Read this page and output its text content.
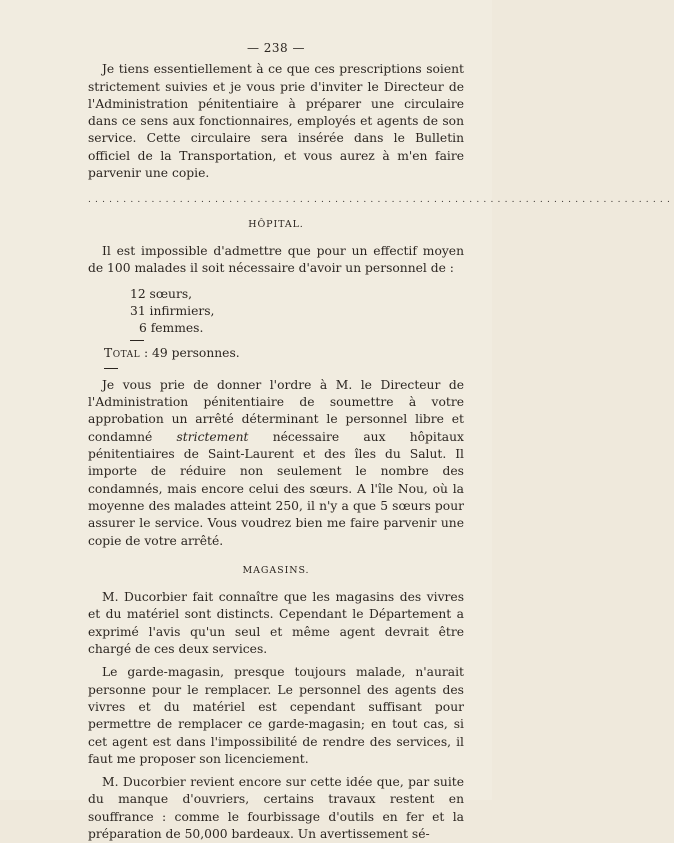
— 238 —

Je tiens essentiellement à ce que ces prescriptions soient strictement suivies et je vous prie d'inviter le Directeur de l'Administration pénitentiaire à préparer une circulaire dans ce sens aux fonctionnaires, employés et agents de son service. Cette circulaire sera insérée dans le Bulletin officiel de la Transportation, et vous aurez à m'en faire parvenir une copie.

...................................................................................
HÔPITAL.

Il est impossible d'admettre que pour un effectif moyen de 100 malades il soit nécessaire d'avoir un personnel de :

12 sœurs,
31 infirmiers,
6 femmes.
Total : 49 personnes.

Je vous prie de donner l'ordre à M. le Directeur de l'Administration pénitentiaire de soumettre à votre approbation un arrêté déterminant le personnel libre et condamné strictement nécessaire aux hôpitaux pénitentiaires de Saint-Laurent et des îles du Salut. Il importe de réduire non seulement le nombre des condamnés, mais encore celui des sœurs. A l'île Nou, où la moyenne des malades atteint 250, il n'y a que 5 sœurs pour assurer le service. Vous voudrez bien me faire parvenir une copie de votre arrêté.

MAGASINS.

M. Ducorbier fait connaître que les magasins des vivres et du matériel sont distincts. Cependant le Département a exprimé l'avis qu'un seul et même agent devrait être chargé de ces deux services.

Le garde-magasin, presque toujours malade, n'aurait personne pour le remplacer. Le personnel des agents des vivres et du matériel est cependant suffisant pour permettre de remplacer ce garde-magasin; en tout cas, si cet agent est dans l'impossibilité de rendre des services, il faut me proposer son licenciement.

M. Ducorbier revient encore sur cette idée que, par suite du manque d'ouvriers, certains travaux restent en souffrance : comme le fourbissage d'outils en fer et la préparation de 50,000 bardeaux. Un avertissement sé-
